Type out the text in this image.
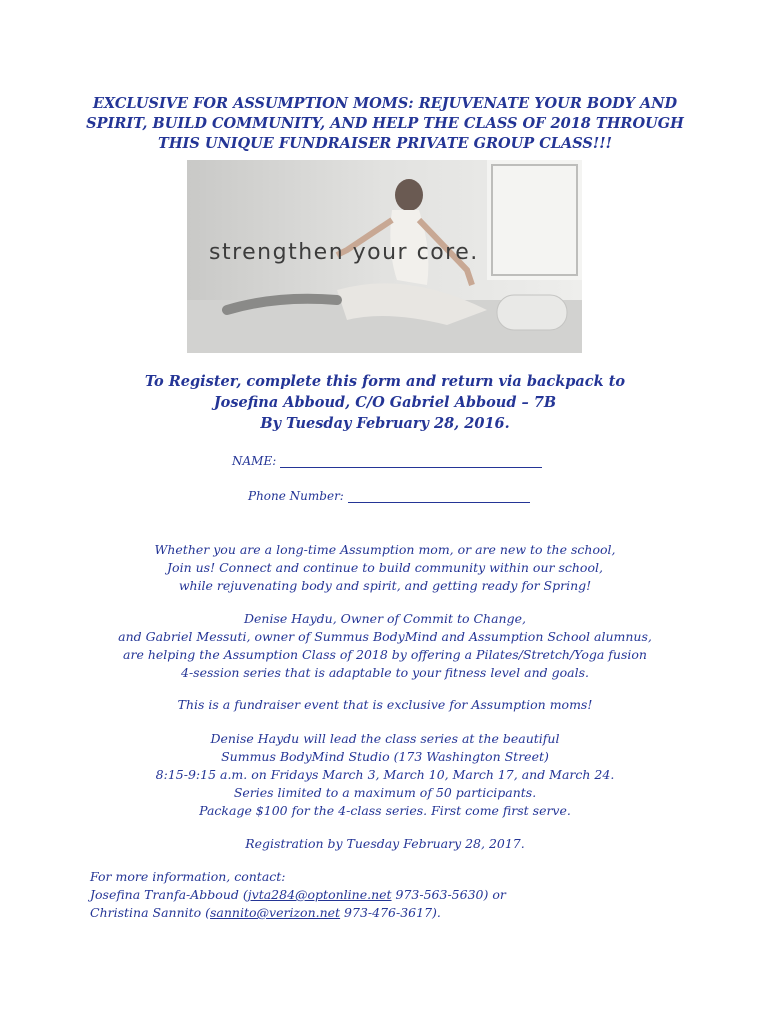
EXCLUSIVE FOR ASSUMPTION MOMS: REJUVENATE YOUR BODY AND
SPIRIT, BUILD COMMUNITY, AND HELP THE CLASS OF 2018 THROUGH
THIS UNIQUE FUNDRAISER PRIVATE GROUP CLASS!!!
strengthen your core.
To Register, complete this form and return via backpack to
Josefina Abboud, C/O Gabriel Abboud – 7B
By Tuesday February 28, 2016.
NAME:
Phone Number:
Whether you are a long-time Assumption mom, or are new to the school,
Join us! Connect and continue to build community within our school,
while rejuvenating body and spirit, and getting ready for Spring!
Denise Haydu, Owner of Commit to Change,
and Gabriel Messuti, owner of Summus BodyMind and Assumption School alumnus,
are helping the Assumption Class of 2018 by offering a Pilates/Stretch/Yoga fusion
4-session series that is adaptable to your fitness level and goals.
This is a fundraiser event that is exclusive for Assumption moms!
Denise Haydu will lead the class series at the beautiful
Summus BodyMind Studio (173 Washington Street)
8:15-9:15 a.m. on Fridays March 3, March 10, March 17, and March 24.
Series limited to a maximum of 50 participants.
Package $100 for the 4-class series. First come first serve.
Registration by Tuesday February 28, 2017.
For more information, contact:
Josefina Tranfa-Abboud (jvta284@optonline.net 973-563-5630) or
Christina Sannito (sannito@verizon.net 973-476-3617).
